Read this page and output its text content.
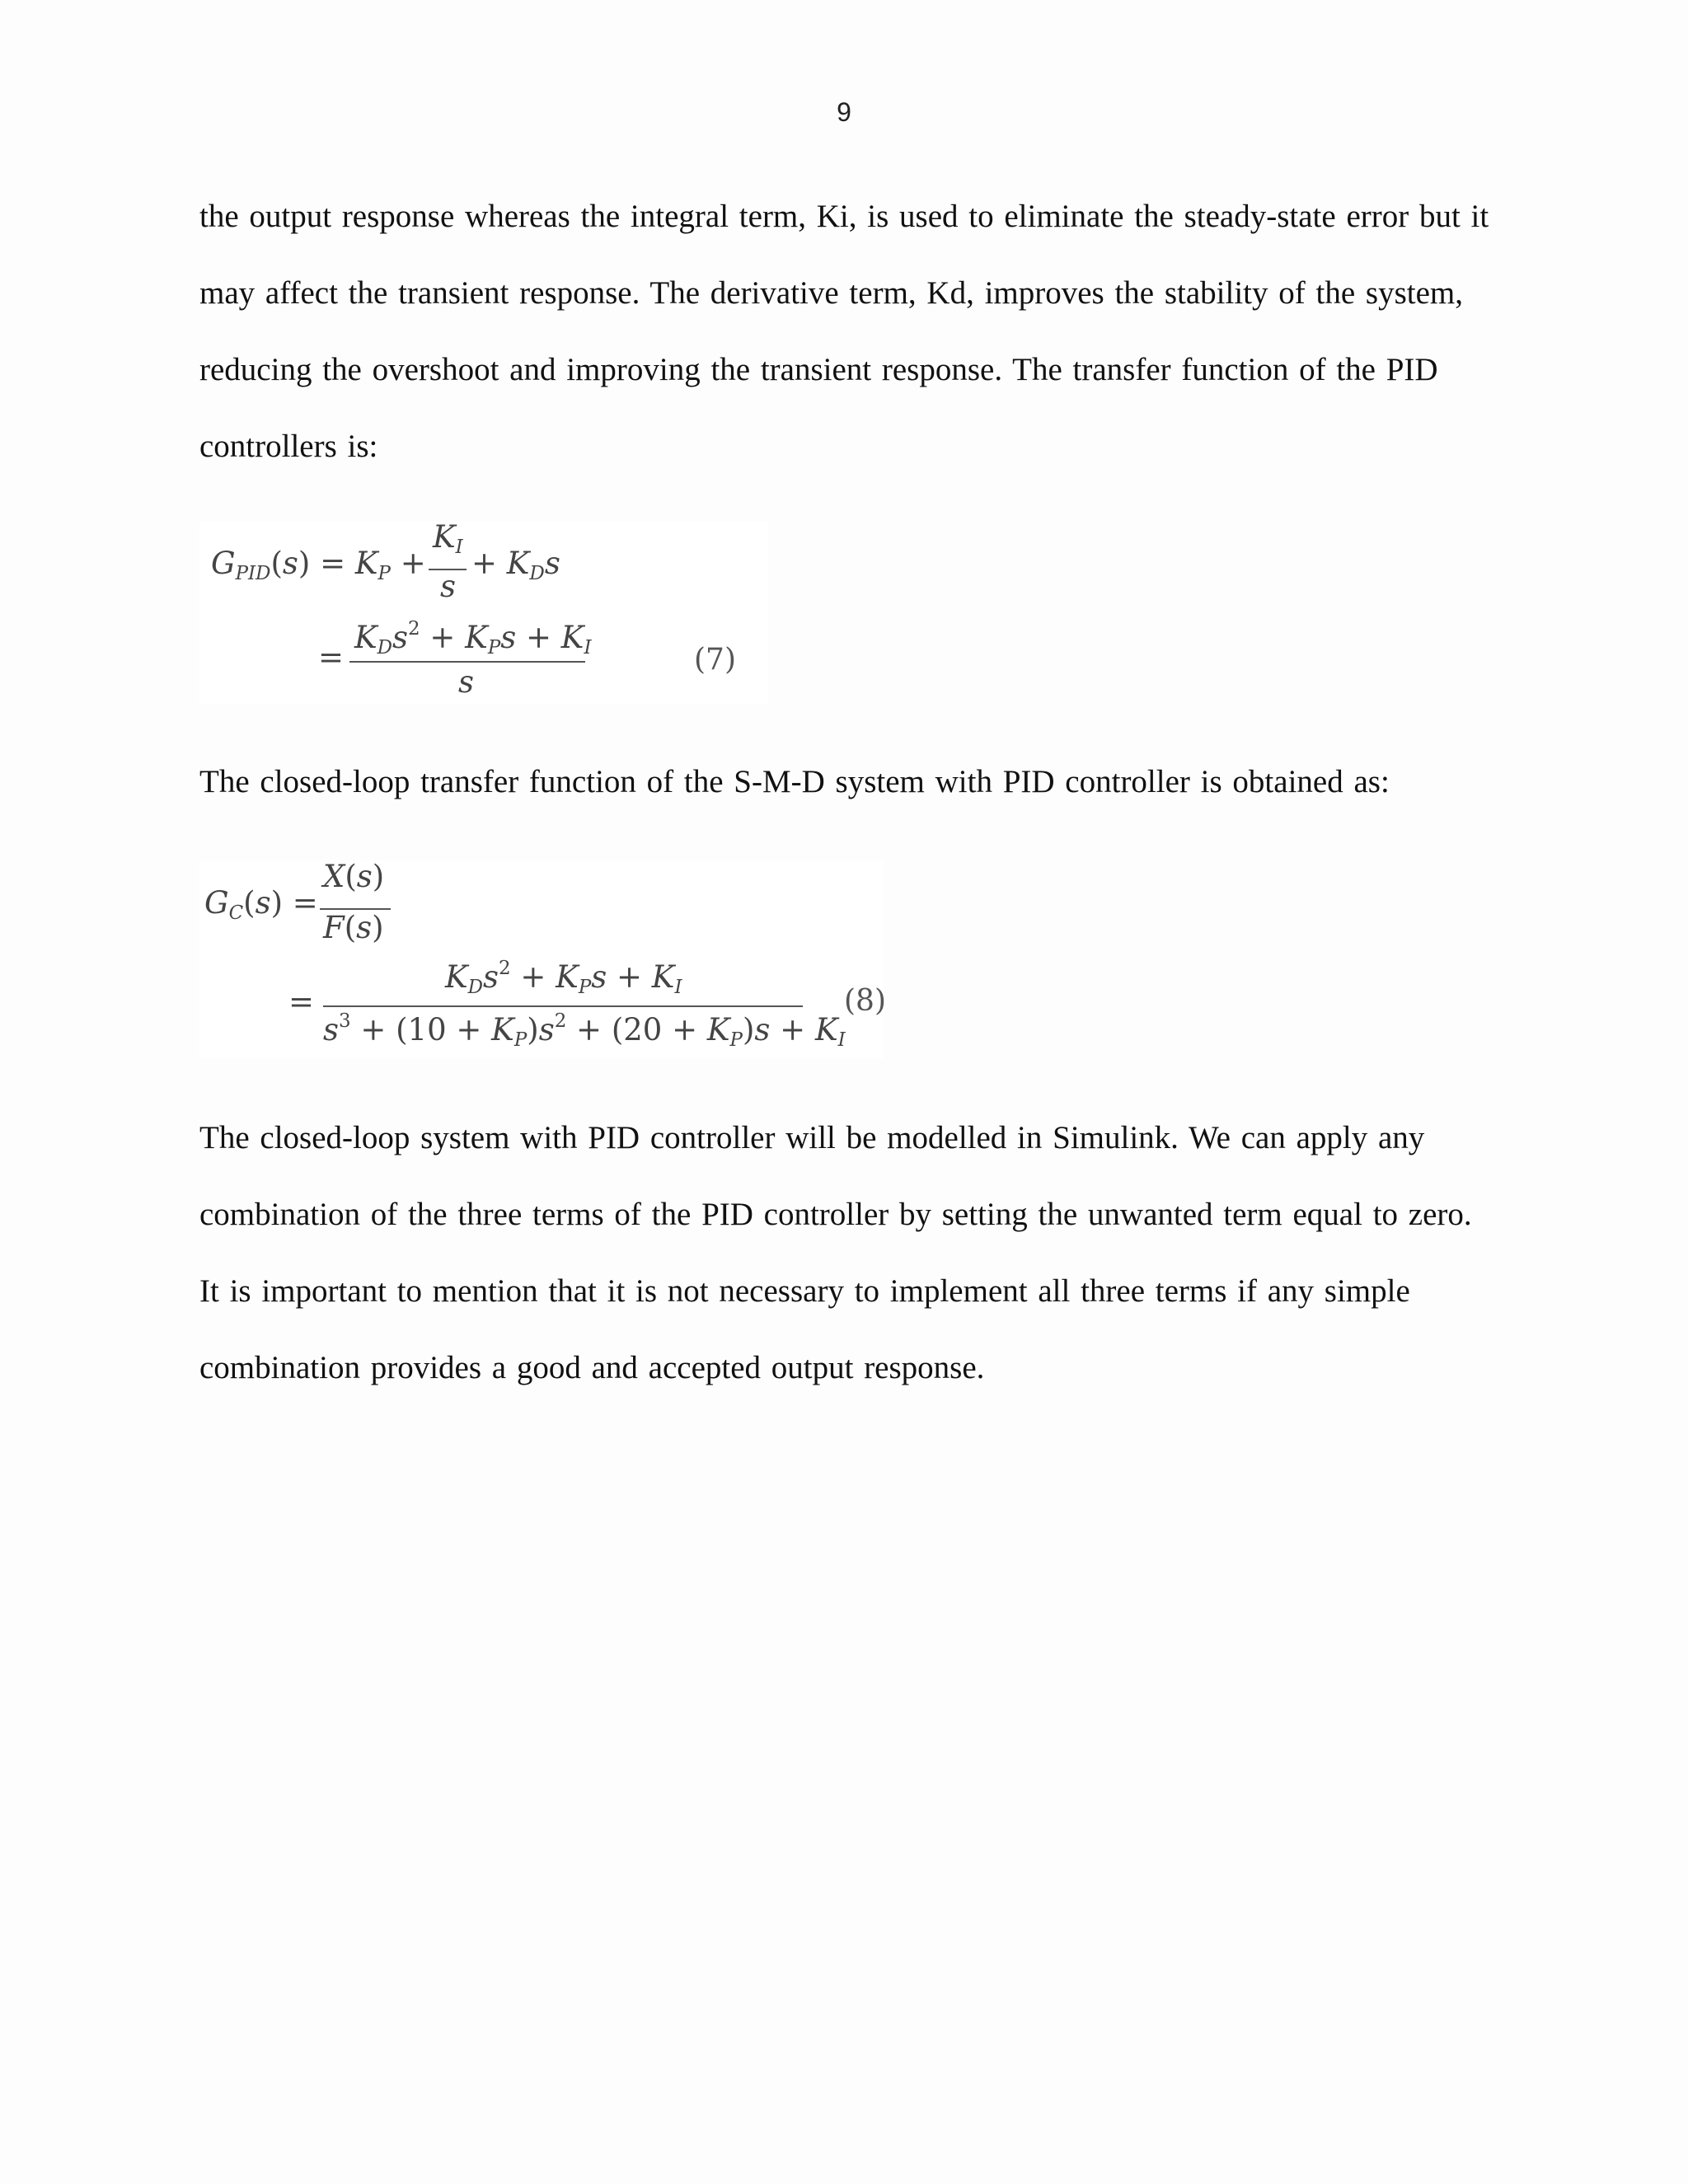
9
the output response whereas the integral term, Ki, is used to eliminate the steady-state error but it
may affect the transient response. The derivative term, Kd, improves the stability of the system,
reducing the overshoot and improving the transient response. The transfer function of the PID
controllers is:
$G_{PID}(s) = K_P$ +
$K_I$
s
+ $K_Ds$
=
$K_Ds^2 + K_Ps + K_I$
s
(7)
The closed-loop transfer function of the S-M-D system with PID controller is obtained as:
$G_C(s)$ =
X(s)
F(s)
=
$K_Ds^2 + K_Ps + K_I$
$s^3 + (10 + K_P)s^2 + (20 + K_P)s + K_I$
(8)
The closed-loop system with PID controller will be modelled in Simulink. We can apply any
combination of the three terms of the PID controller by setting the unwanted term equal to zero.
It is important to mention that it is not necessary to implement all three terms if any simple
combination provides a good and accepted output response.
